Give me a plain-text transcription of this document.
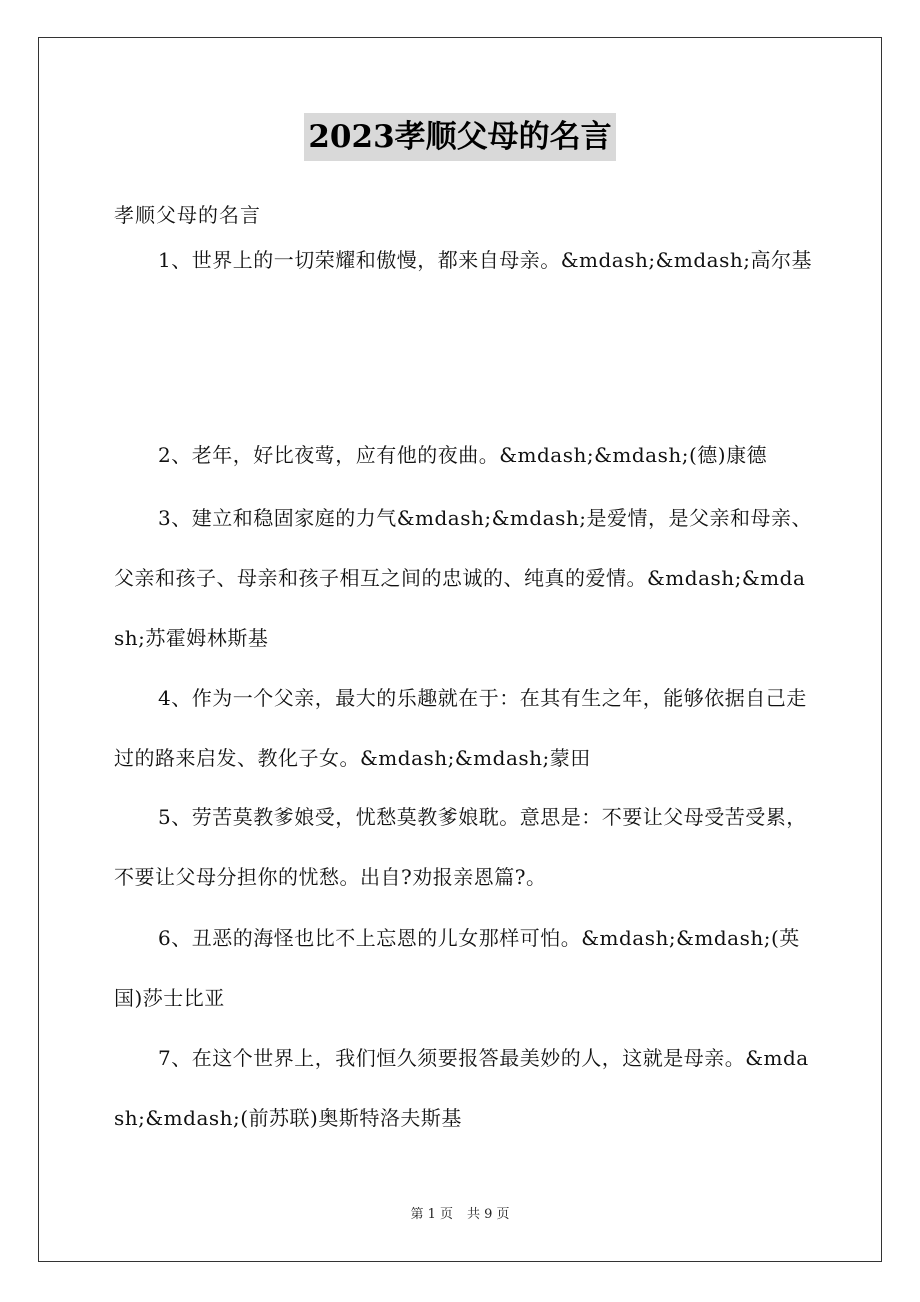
2023孝顺父母的名言
孝顺父母的名言

1、世界上的一切荣耀和傲慢，都来自母亲。&mdash;&mdash;高尔基

2、老年，好比夜莺，应有他的夜曲。&mdash;&mdash;(德)康德

3、建立和稳固家庭的力气&mdash;&mdash;是爱情，是父亲和母亲、父亲和孩子、母亲和孩子相互之间的忠诚的、纯真的爱情。&mdash;&mdash;苏霍姆林斯基

4、作为一个父亲，最大的乐趣就在于：在其有生之年，能够依据自己走过的路来启发、教化子女。&mdash;&mdash;蒙田

5、劳苦莫教爹娘受，忧愁莫教爹娘耽。意思是：不要让父母受苦受累，不要让父母分担你的忧愁。出自?劝报亲恩篇?。

6、丑恶的海怪也比不上忘恩的儿女那样可怕。&mdash;&mdash;(英国)莎士比亚

7、在这个世界上，我们恒久须要报答最美妙的人，这就是母亲。&mdash;&mdash;(前苏联)奥斯特洛夫斯基

第 1 页 共 9 页
